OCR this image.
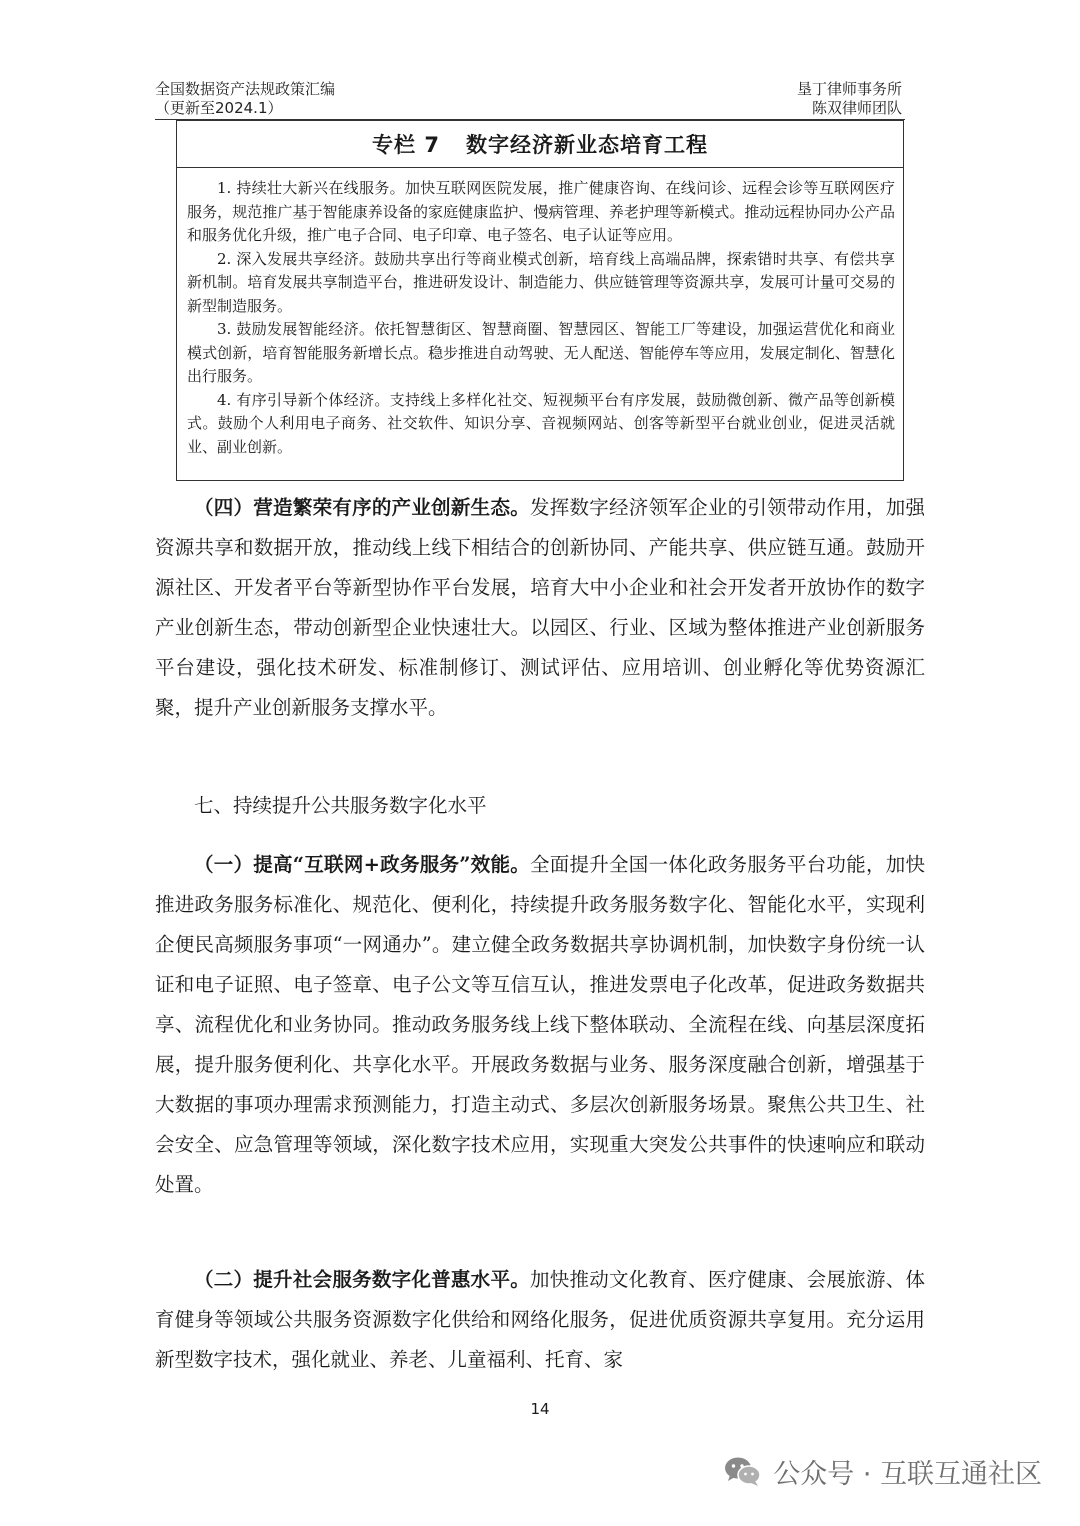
全国数据资产法规政策汇编
（更新至2024.1）
垦丁律师事务所
陈双律师团队
专栏 7 数字经济新业态培育工程

1. 持续壮大新兴在线服务。加快互联网医院发展，推广健康咨询、在线问诊、远程会诊等互联网医疗服务，规范推广基于智能康养设备的家庭健康监护、慢病管理、养老护理等新模式。推动远程协同办公产品和服务优化升级，推广电子合同、电子印章、电子签名、电子认证等应用。

2. 深入发展共享经济。鼓励共享出行等商业模式创新，培育线上高端品牌，探索错时共享、有偿共享新机制。培育发展共享制造平台，推进研发设计、制造能力、供应链管理等资源共享，发展可计量可交易的新型制造服务。

3. 鼓励发展智能经济。依托智慧街区、智慧商圈、智慧园区、智能工厂等建设，加强运营优化和商业模式创新，培育智能服务新增长点。稳步推进自动驾驶、无人配送、智能停车等应用，发展定制化、智慧化出行服务。

4. 有序引导新个体经济。支持线上多样化社交、短视频平台有序发展，鼓励微创新、微产品等创新模式。鼓励个人利用电子商务、社交软件、知识分享、音视频网站、创客等新型平台就业创业，促进灵活就业、副业创新。

（四）营造繁荣有序的产业创新生态。发挥数字经济领军企业的引领带动作用，加强资源共享和数据开放，推动线上线下相结合的创新协同、产能共享、供应链互通。鼓励开源社区、开发者平台等新型协作平台发展，培育大中小企业和社会开发者开放协作的数字产业创新生态，带动创新型企业快速壮大。以园区、行业、区域为整体推进产业创新服务平台建设，强化技术研发、标准制修订、测试评估、应用培训、创业孵化等优势资源汇聚，提升产业创新服务支撑水平。

七、持续提升公共服务数字化水平

（一）提高“互联网+政务服务”效能。全面提升全国一体化政务服务平台功能，加快推进政务服务标准化、规范化、便利化，持续提升政务服务数字化、智能化水平，实现利企便民高频服务事项“一网通办”。建立健全政务数据共享协调机制，加快数字身份统一认证和电子证照、电子签章、电子公文等互信互认，推进发票电子化改革，促进政务数据共享、流程优化和业务协同。推动政务服务线上线下整体联动、全流程在线、向基层深度拓展，提升服务便利化、共享化水平。开展政务数据与业务、服务深度融合创新，增强基于大数据的事项办理需求预测能力，打造主动式、多层次创新服务场景。聚焦公共卫生、社会安全、应急管理等领域，深化数字技术应用，实现重大突发公共事件的快速响应和联动处置。

（二）提升社会服务数字化普惠水平。加快推动文化教育、医疗健康、会展旅游、体育健身等领域公共服务资源数字化供给和网络化服务，促进优质资源共享复用。充分运用新型数字技术，强化就业、养老、儿童福利、托育、家

14
公众号 · 互联互通社区
